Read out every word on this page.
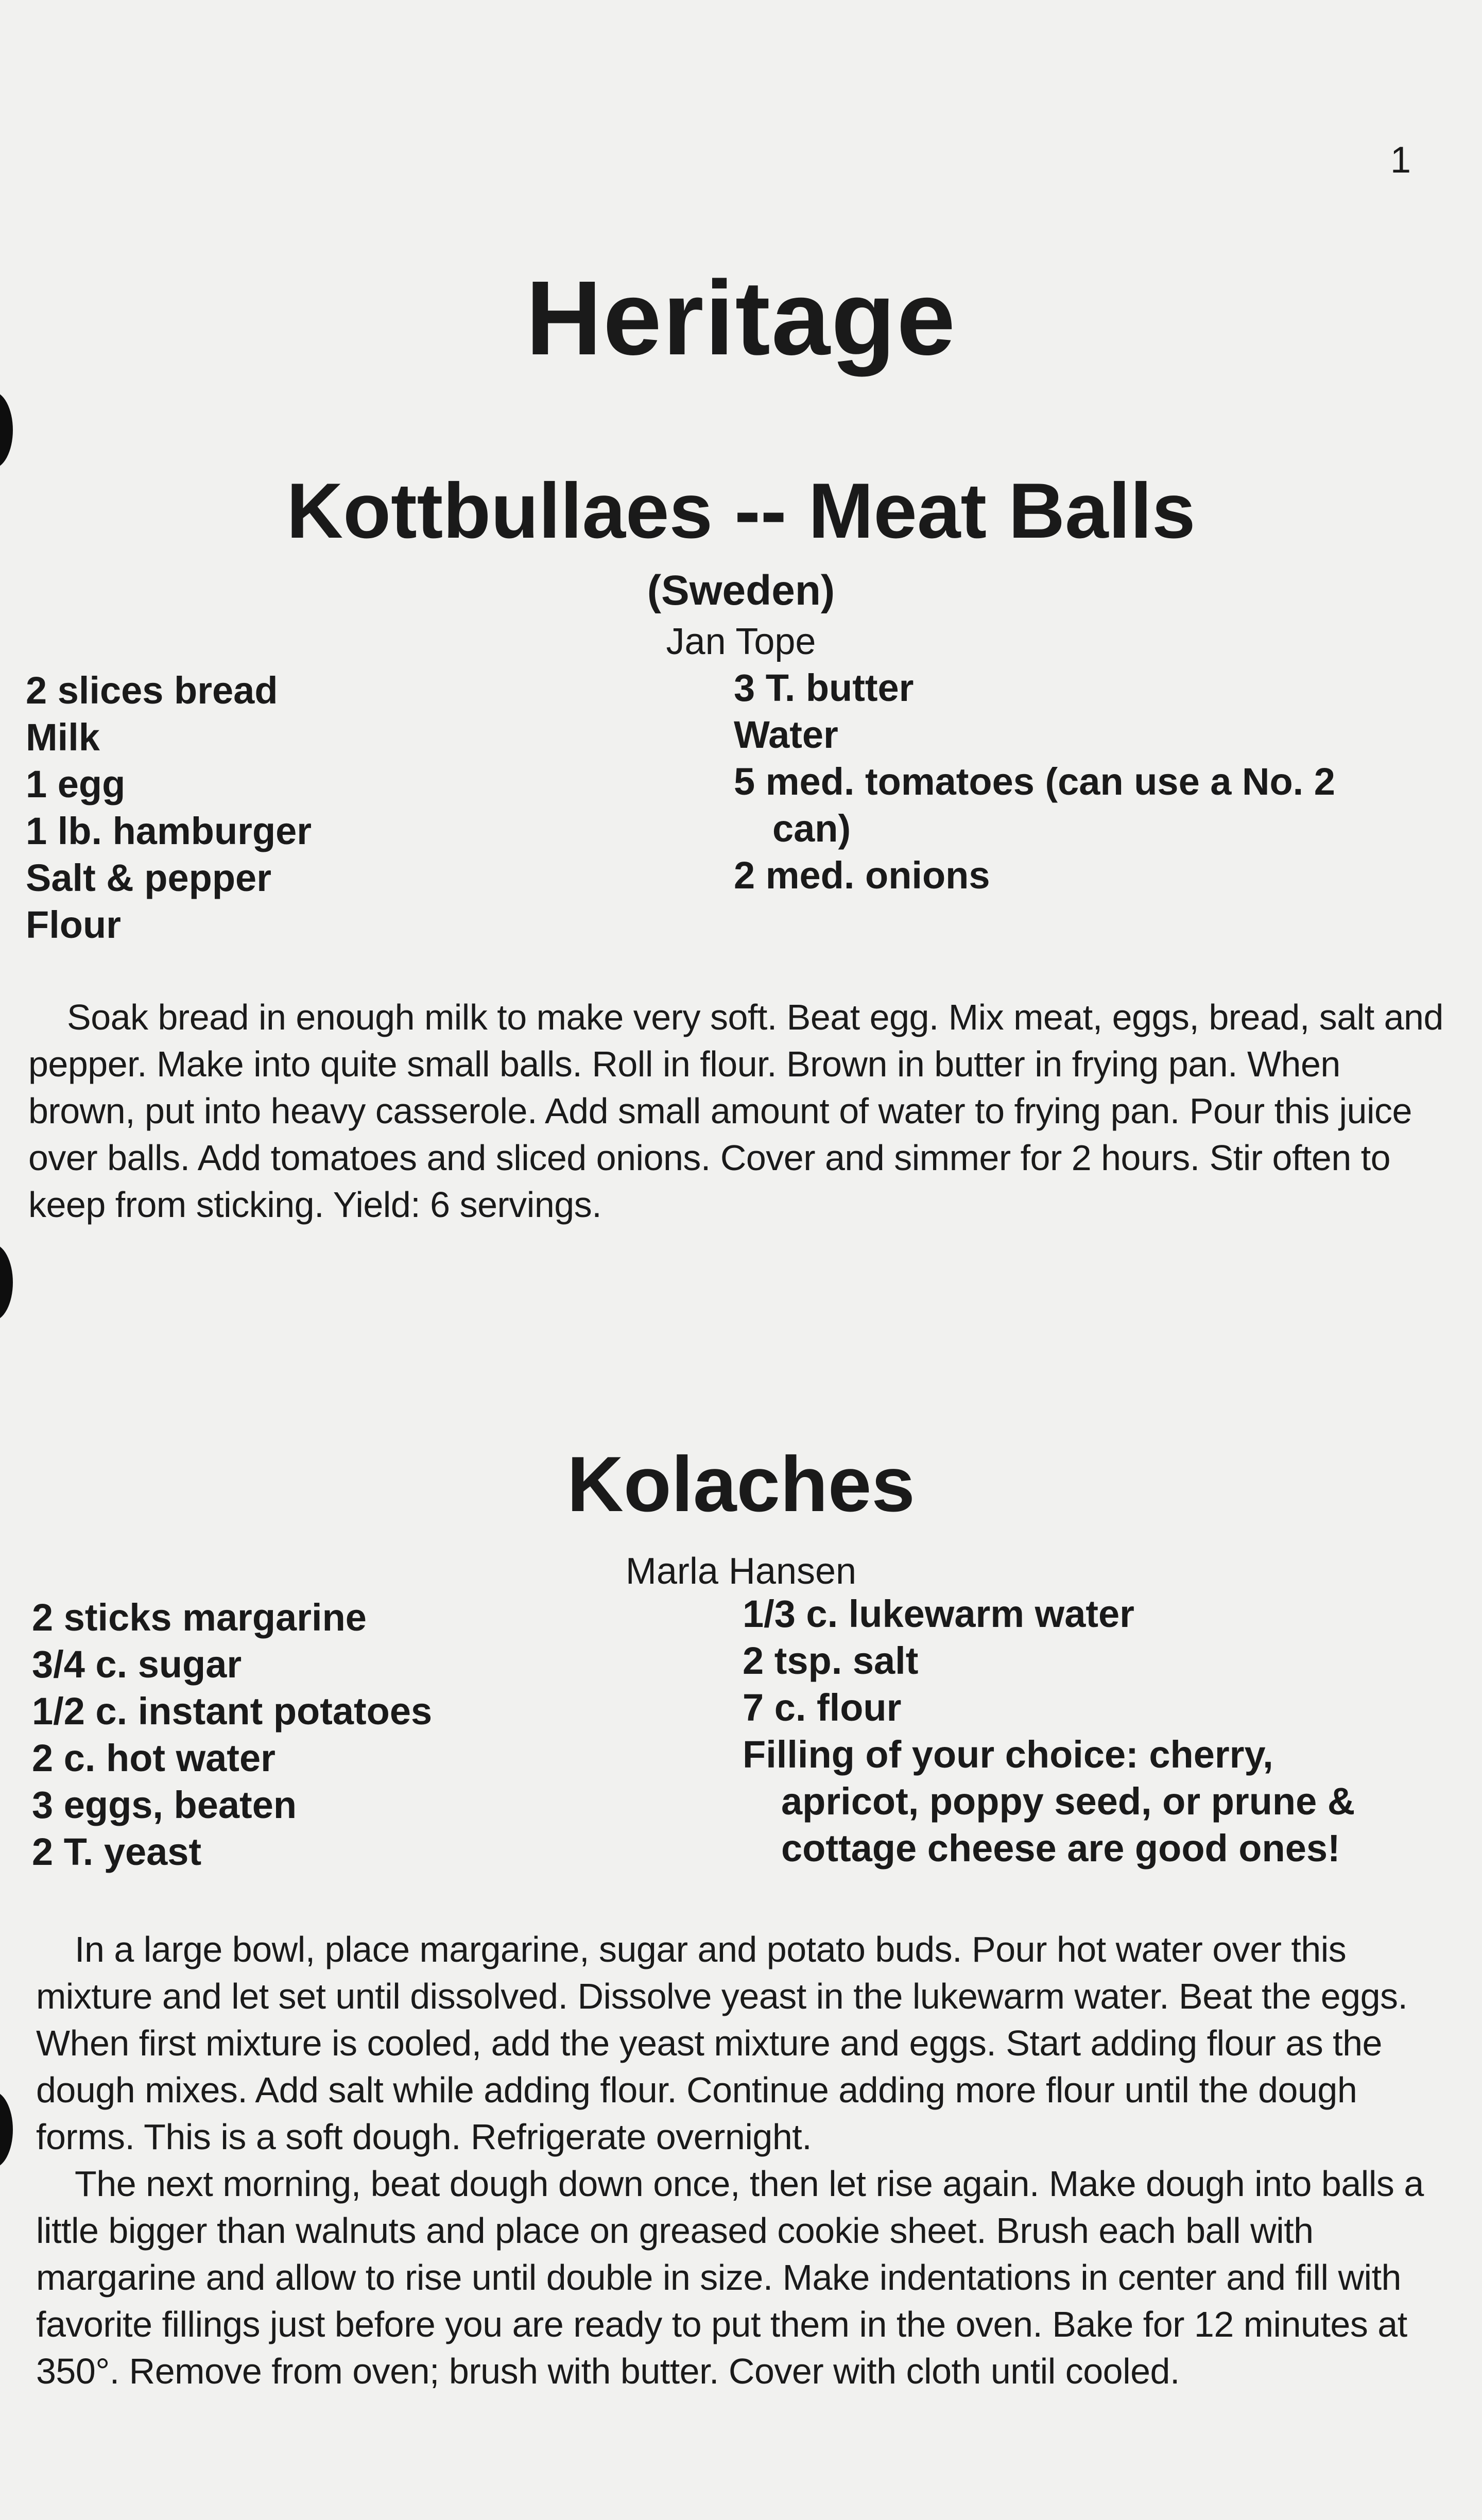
1
Heritage
Kottbullaes -- Meat Balls
(Sweden)
Jan Tope
2 slices bread
Milk
1 egg
1 lb. hamburger
Salt & pepper
Flour
3 T. butter
Water
5 med. tomatoes (can use a No. 2
can)
2 med. onions

Soak bread in enough milk to make very soft. Beat egg. Mix meat, eggs, bread, salt and pepper. Make into quite small balls. Roll in flour. Brown in butter in frying pan. When brown, put into heavy casserole. Add small amount of water to frying pan. Pour this juice over balls. Add tomatoes and sliced onions. Cover and simmer for 2 hours. Stir often to keep from sticking. Yield: 6 servings.

Kolaches
Marla Hansen
2 sticks margarine
3/4 c. sugar
1/2 c. instant potatoes
2 c. hot water
3 eggs, beaten
2 T. yeast
1/3 c. lukewarm water
2 tsp. salt
7 c. flour
Filling of your choice: cherry,
apricot, poppy seed, or prune &
cottage cheese are good ones!

In a large bowl, place margarine, sugar and potato buds. Pour hot water over this mixture and let set until dissolved. Dissolve yeast in the lukewarm water. Beat the eggs. When first mixture is cooled, add the yeast mixture and eggs. Start adding flour as the dough mixes. Add salt while adding flour. Continue adding more flour until the dough forms. This is a soft dough. Refrigerate overnight.

The next morning, beat dough down once, then let rise again. Make dough into balls a little bigger than walnuts and place on greased cookie sheet. Brush each ball with margarine and allow to rise until double in size. Make indentations in center and fill with favorite fillings just before you are ready to put them in the oven. Bake for 12 minutes at 350°. Remove from oven; brush with butter. Cover with cloth until cooled.
